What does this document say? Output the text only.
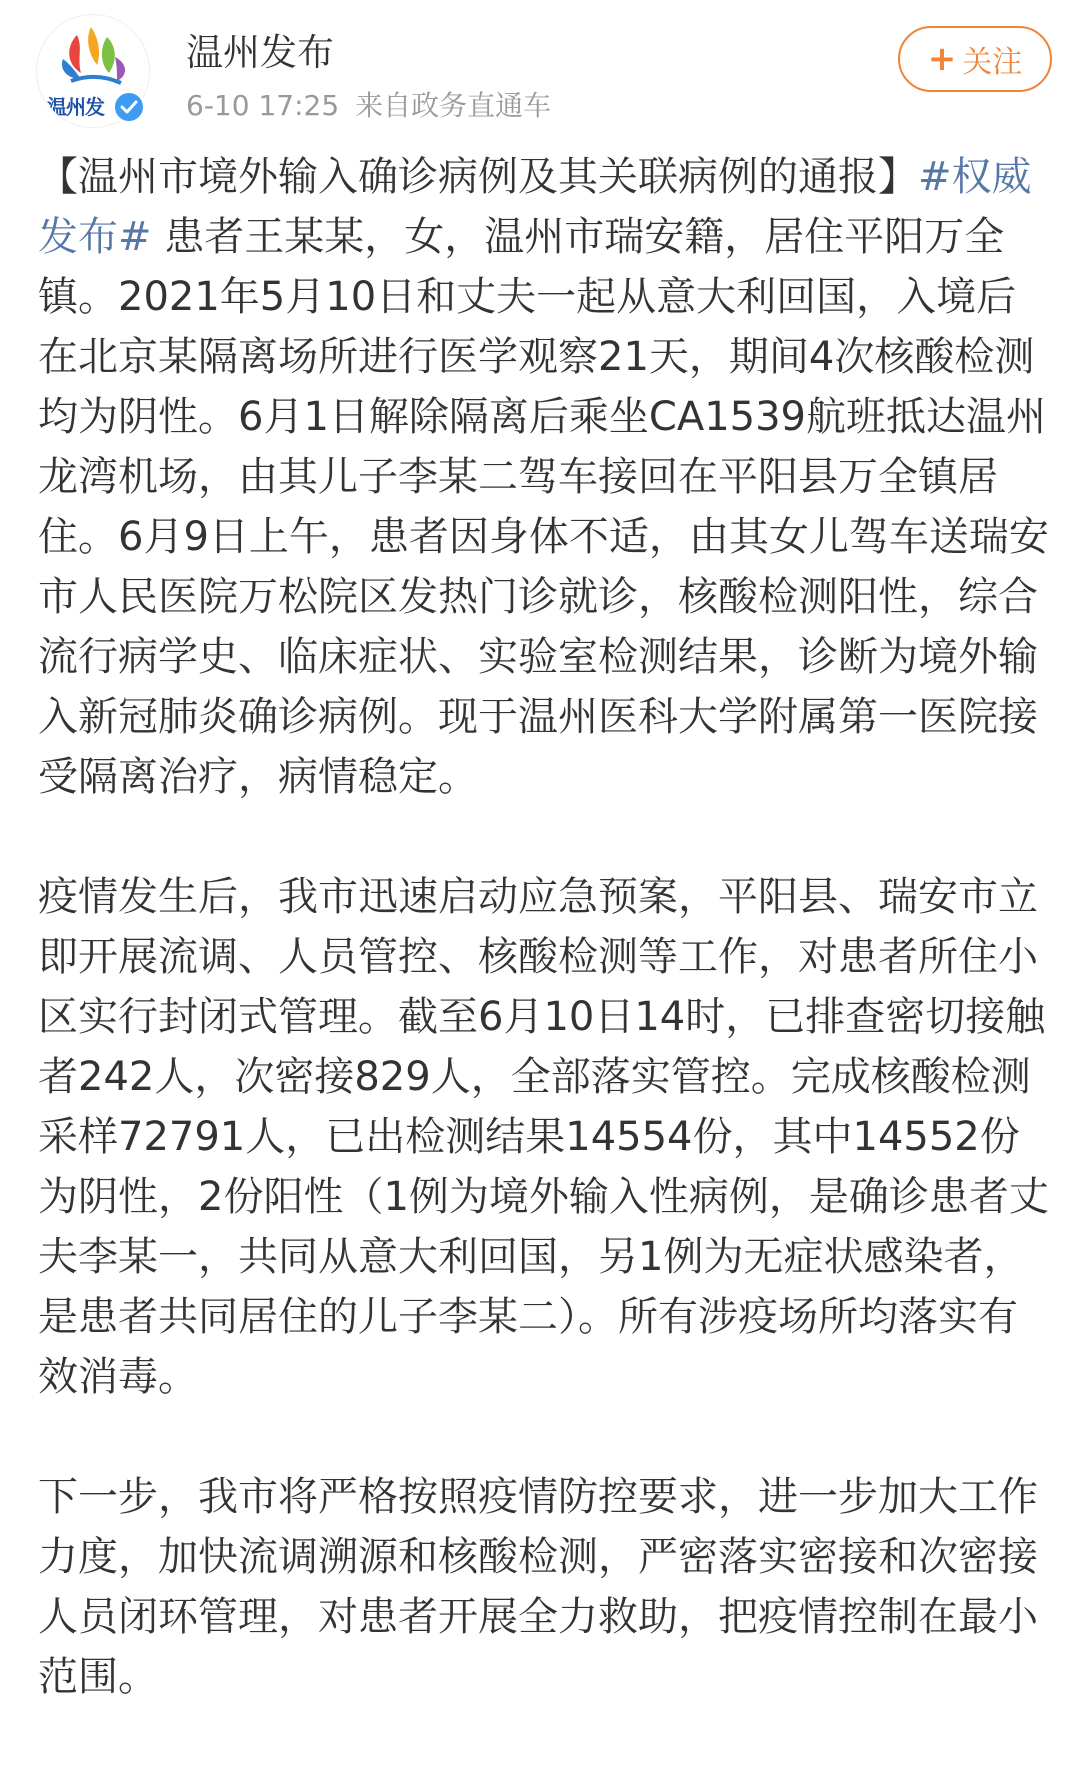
温州发
温州发布
6-10 17:25 来自政务直通车
+ 关注

【温州市境外输入确诊病例及其关联病例的通报】#权威发布# 患者王某某，女，温州市瑞安籍，居住平阳万全镇。2021年5月10日和丈夫一起从意大利回国，入境后在北京某隔离场所进行医学观察21天，期间4次核酸检测均为阴性。6月1日解除隔离后乘坐CA1539航班抵达温州龙湾机场，由其儿子李某二驾车接回在平阳县万全镇居住。6月9日上午，患者因身体不适，由其女儿驾车送瑞安市人民医院万松院区发热门诊就诊，核酸检测阳性，综合流行病学史、临床症状、实验室检测结果，诊断为境外输入新冠肺炎确诊病例。现于温州医科大学附属第一医院接受隔离治疗，病情稳定。

疫情发生后，我市迅速启动应急预案，平阳县、瑞安市立即开展流调、人员管控、核酸检测等工作，对患者所住小区实行封闭式管理。截至6月10日14时，已排查密切接触者242人，次密接829人，全部落实管控。完成核酸检测采样72791人，已出检测结果14554份，其中14552份为阴性，2份阳性（1例为境外输入性病例，是确诊患者丈夫李某一，共同从意大利回国，另1例为无症状感染者，是患者共同居住的儿子李某二）。所有涉疫场所均落实有效消毒。

下一步，我市将严格按照疫情防控要求，进一步加大工作力度，加快流调溯源和核酸检测，严密落实密接和次密接人员闭环管理，对患者开展全力救助，把疫情控制在最小范围。
